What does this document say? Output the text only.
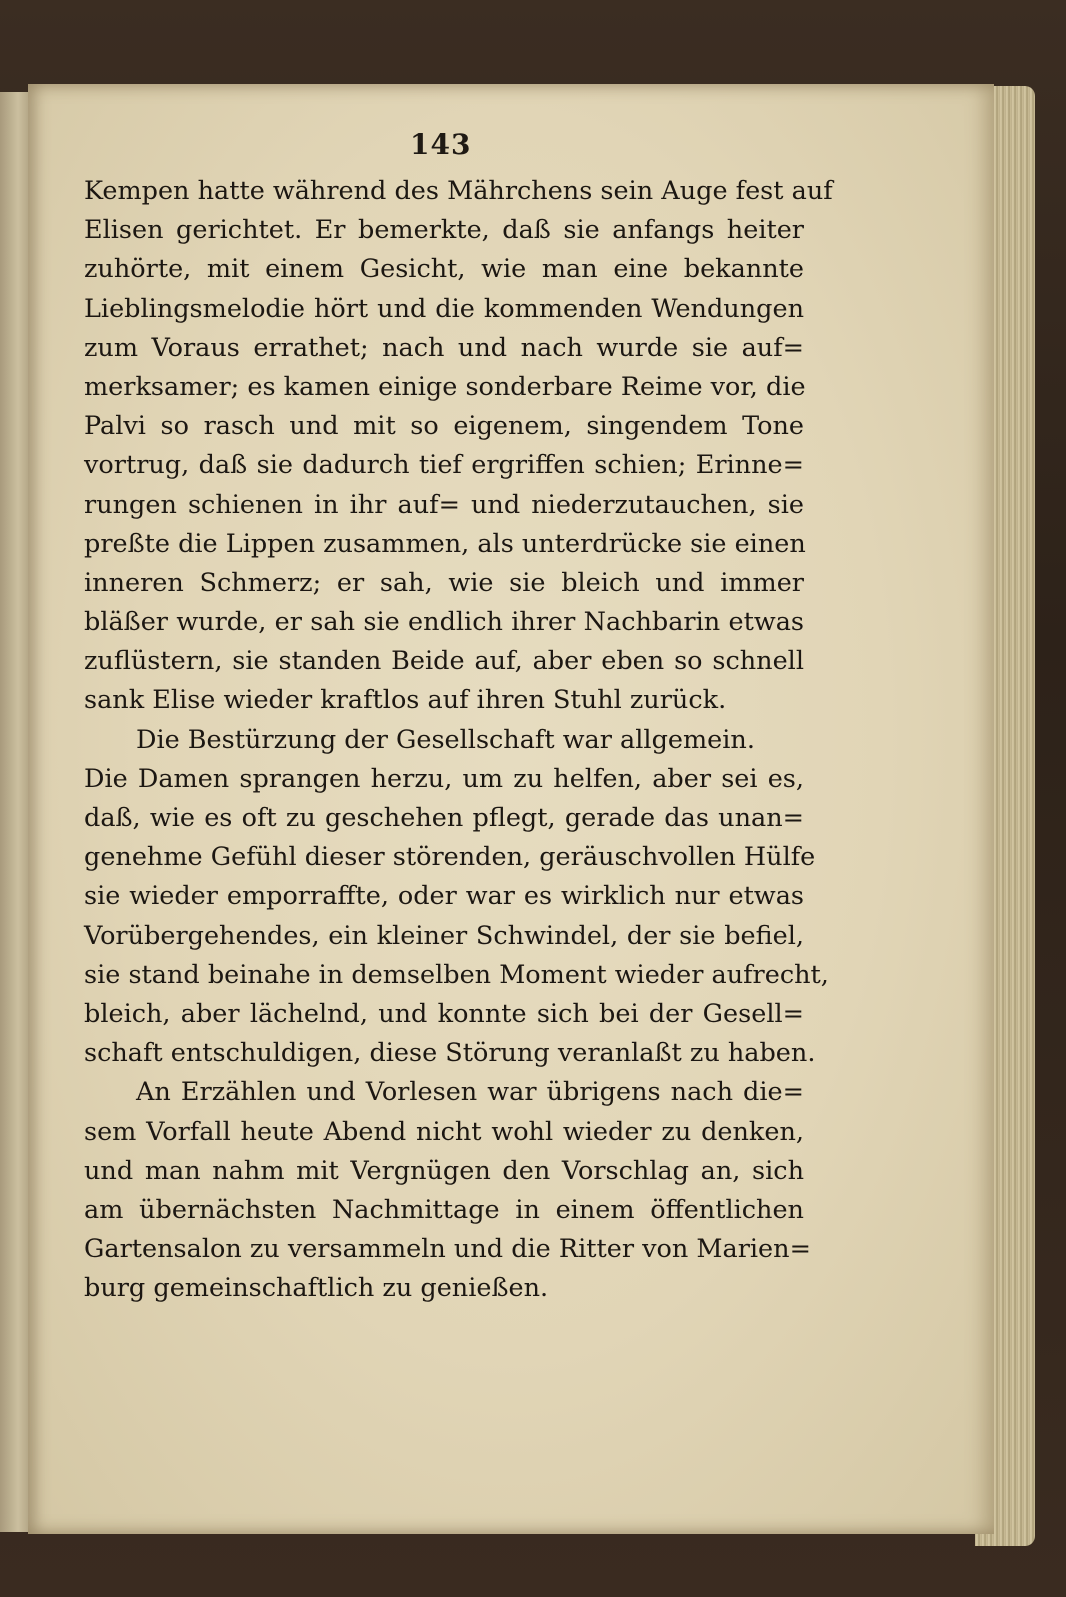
143
Kempen hatte während des Mährchens sein Auge fest auf
Elisen gerichtet. Er bemerkte, daß sie anfangs heiter
zuhörte, mit einem Gesicht, wie man eine bekannte
Lieblingsmelodie hört und die kommenden Wendungen
zum Voraus errathet; nach und nach wurde sie auf=
merksamer; es kamen einige sonderbare Reime vor, die
Palvi so rasch und mit so eigenem, singendem Tone
vortrug, daß sie dadurch tief ergriffen schien; Erinne=
rungen schienen in ihr auf= und niederzutauchen, sie
preßte die Lippen zusammen, als unterdrücke sie einen
inneren Schmerz; er sah, wie sie bleich und immer
bläßer wurde, er sah sie endlich ihrer Nachbarin etwas
zuflüstern, sie standen Beide auf, aber eben so schnell
sank Elise wieder kraftlos auf ihren Stuhl zurück.
Die Bestürzung der Gesellschaft war allgemein.
Die Damen sprangen herzu, um zu helfen, aber sei es,
daß, wie es oft zu geschehen pflegt, gerade das unan=
genehme Gefühl dieser störenden, geräuschvollen Hülfe
sie wieder emporraffte, oder war es wirklich nur etwas
Vorübergehendes, ein kleiner Schwindel, der sie befiel,
sie stand beinahe in demselben Moment wieder aufrecht,
bleich, aber lächelnd, und konnte sich bei der Gesell=
schaft entschuldigen, diese Störung veranlaßt zu haben.
An Erzählen und Vorlesen war übrigens nach die=
sem Vorfall heute Abend nicht wohl wieder zu denken,
und man nahm mit Vergnügen den Vorschlag an, sich
am übernächsten Nachmittage in einem öffentlichen
Gartensalon zu versammeln und die Ritter von Marien=
burg gemeinschaftlich zu genießen.
